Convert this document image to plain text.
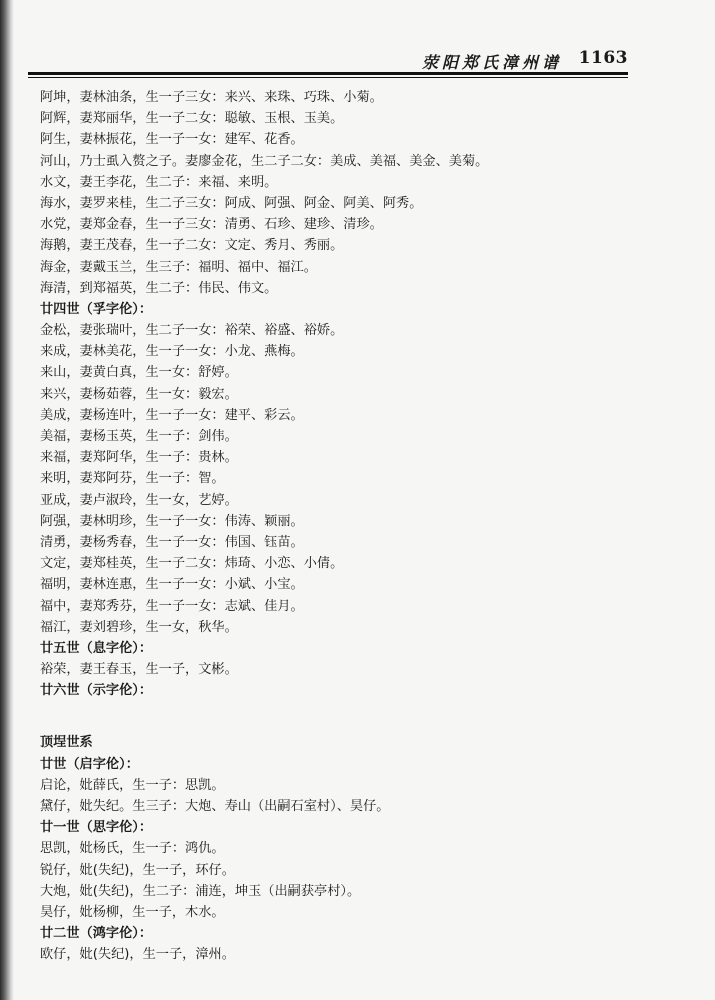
荥阳郑氏漳州谱 1163
阿坤，妻林油条，生一子三女：来兴、来珠、巧珠、小菊。
阿辉，妻郑丽华，生一子二女：聪敏、玉根、玉美。
阿生，妻林振花，生一子一女：建军、花香。
河山，乃士虱入赘之子。妻廖金花，生二子二女：美成、美福、美金、美菊。
水文，妻王李花，生二子：来福、来明。
海水，妻罗来桂，生二子三女：阿成、阿强、阿金、阿美、阿秀。
水党，妻郑金春，生一子三女：清勇、石珍、建珍、清珍。
海鹅，妻王茂春，生一子二女：文定、秀月、秀丽。
海金，妻戴玉兰，生三子：福明、福中、福江。
海清，到郑福英，生二子：伟民、伟文。
廿四世（孚字伦）：
金松，妻张瑞叶，生二子一女：裕荣、裕盛、裕娇。
来成，妻林美花，生一子一女：小龙、燕梅。
来山，妻黄白真，生一女：舒婷。
来兴，妻杨茹蓉，生一女：毅宏。
美成，妻杨连叶，生一子一女：建平、彩云。
美福，妻杨玉英，生一子：剑伟。
来福，妻郑阿华，生一子：贵林。
来明，妻郑阿芬，生一子：智。
亚成，妻卢淑玲，生一女，艺婷。
阿强，妻林明珍，生一子一女：伟涛、颖丽。
清勇，妻杨秀春，生一子一女：伟国、钰苗。
文定，妻郑桂英，生一子二女：炜琦、小恋、小倩。
福明，妻林连惠，生一子一女：小斌、小宝。
福中，妻郑秀芬，生一子一女：志斌、佳月。
福江，妻刘碧珍，生一女，秋华。
廿五世（息字伦）：
裕荣，妻王春玉，生一子，文彬。
廿六世（示字伦）：
顶埕世系
廿世（启字伦）：
启论，妣薛氏，生一子：思凯。
黛仔，妣失纪。生三子：大炮、寿山（出嗣石室村）、昊仔。
廿一世（思字伦）：
思凯，妣杨氏，生一子：鸿仇。
锐仔，妣(失纪)，生一子，环仔。
大炮，妣(失纪)，生二子：浦连，坤玉（出嗣获亭村）。
昊仔，妣杨柳，生一子，木水。
廿二世（鸿字伦）：
欧仔，妣(失纪)，生一子，漳州。
